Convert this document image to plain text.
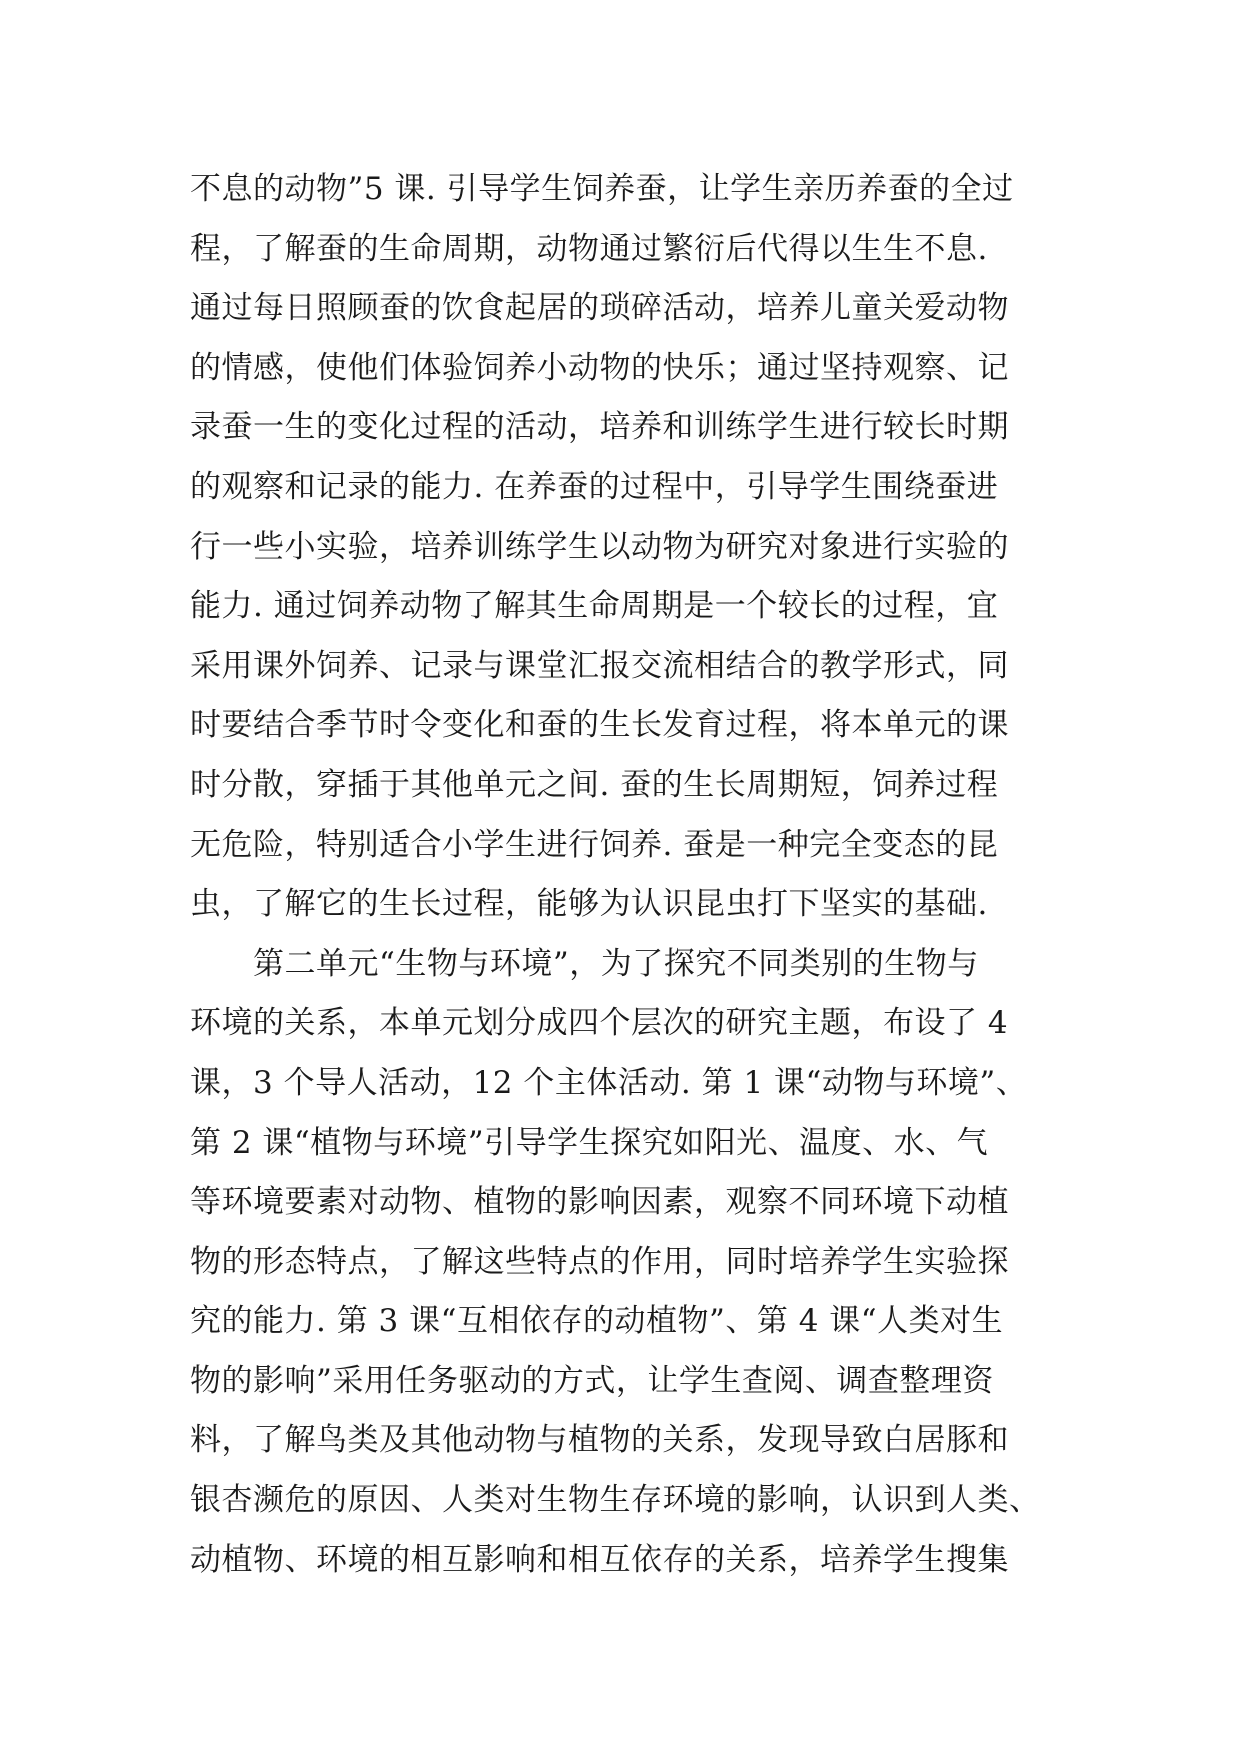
不息的动物”5 课. 引导学生饲养蚕，让学生亲历养蚕的全过
程，了解蚕的生命周期，动物通过繁衍后代得以生生不息.
通过每日照顾蚕的饮食起居的琐碎活动，培养儿童关爱动物
的情感，使他们体验饲养小动物的快乐；通过坚持观察、记
录蚕一生的变化过程的活动，培养和训练学生进行较长时期
的观察和记录的能力. 在养蚕的过程中，引导学生围绕蚕进
行一些小实验，培养训练学生以动物为研究对象进行实验的
能力. 通过饲养动物了解其生命周期是一个较长的过程，宜
采用课外饲养、记录与课堂汇报交流相结合的教学形式，同
时要结合季节时令变化和蚕的生长发育过程，将本单元的课
时分散，穿插于其他单元之间. 蚕的生长周期短，饲养过程
无危险，特别适合小学生进行饲养. 蚕是一种完全变态的昆
虫，了解它的生长过程，能够为认识昆虫打下坚实的基础.
　　第二单元“生物与环境”，为了探究不同类别的生物与
环境的关系，本单元划分成四个层次的研究主题，布设了 4
课，3 个导人活动，12 个主体活动. 第 1 课“动物与环境”、
第 2 课“植物与环境”引导学生探究如阳光、温度、水、气
等环境要素对动物、植物的影响因素，观察不同环境下动植
物的形态特点，了解这些特点的作用，同时培养学生实验探
究的能力. 第 3 课“互相依存的动植物”、第 4 课“人类对生
物的影响”采用任务驱动的方式，让学生查阅、调查整理资
料，了解鸟类及其他动物与植物的关系，发现导致白居豚和
银杏濒危的原因、人类对生物生存环境的影响，认识到人类、
动植物、环境的相互影响和相互依存的关系，培养学生搜集
